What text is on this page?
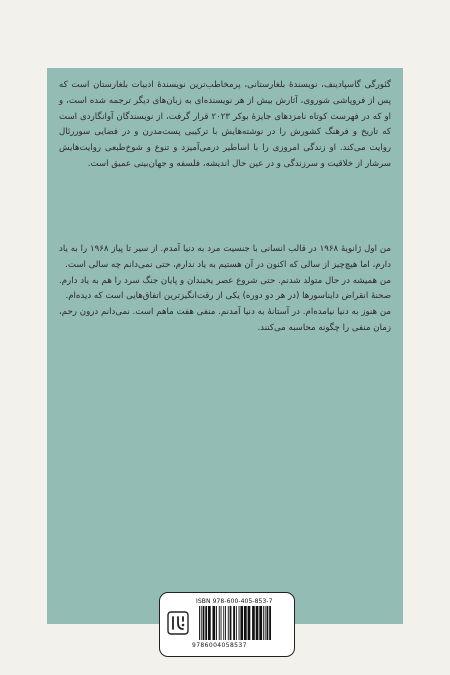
گئورگی گاسپادینف، نویسندهٔ بلغارستانی، پرمخاطب‌ترین نویسندهٔ ادبیات بلغارستان است که پس از فروپاشی شوروی، آثارش بیش از هر نویسنده‌ای به زبان‌های دیگر ترجمه شده است، و او که در فهرست کوتاه نامزدهای جایزهٔ بوکر ۲۰۲۳ قرار گرفت، از نویسندگان آوانگاردی است که تاریخ و فرهنگ کشورش را در نوشته‌هایش با ترکیبی پست‌مدرن و در فضایی سوررئال روایت می‌کند. او زندگی امروزی را با اساطیر درمی‌آمیزد و تنوع و شوخ‌طبعی روایت‌هایش سرشار از خلاقیت و سرزندگی و در عین حال اندیشه، فلسفه و جهان‌بینی عمیق است.

من اول ژانویهٔ ۱۹۶۸ در قالب انسانی با جنسیت مرد به دنیا آمدم. از سیر تا پیاز ۱۹۶۸ را به یاد دارم، اما هیچ‌چیز از سالی که اکنون در آن هستیم به یاد ندارم، حتی نمی‌دانم چه سالی است.

من همیشه در حال متولد شدنم. حتی شروع عصر یخبندان و پایان جنگ سرد را هم به یاد دارم. صحنهٔ انقراض دایناسورها (در هر دو دوره) یکی از رقت‌انگیزترین اتفاق‌هایی است که دیده‌ام.

من هنوز به دنیا نیامده‌ام. در آستانهٔ به دنیا آمدنم. منفی هفت ماهم است. نمی‌دانم درون رحم، زمان منفی را چگونه محاسبه می‌کنند.

ISBN 978-600-405-853-7
9786004058537
